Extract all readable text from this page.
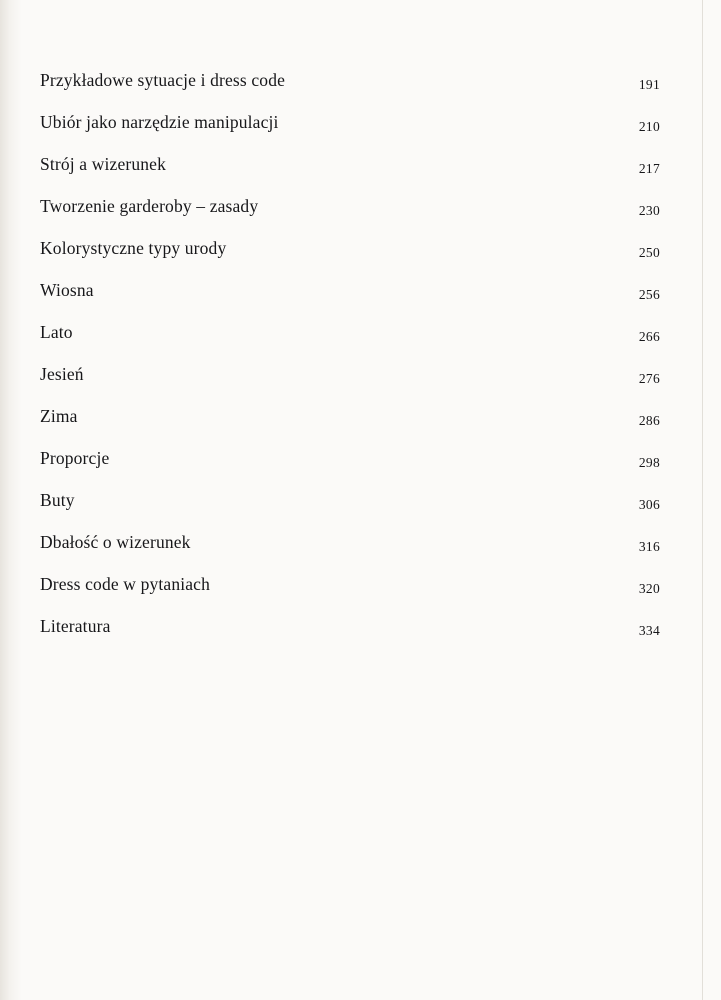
Przykładowe sytuacje i dress code	191
Ubiór jako narzędzie manipulacji	210
Strój a wizerunek	217
Tworzenie garderoby – zasady	230
Kolorystyczne typy urody	250
Wiosna	256
Lato	266
Jesień	276
Zima	286
Proporcje	298
Buty	306
Dbałość o wizerunek	316
Dress code w pytaniach	320
Literatura	334
